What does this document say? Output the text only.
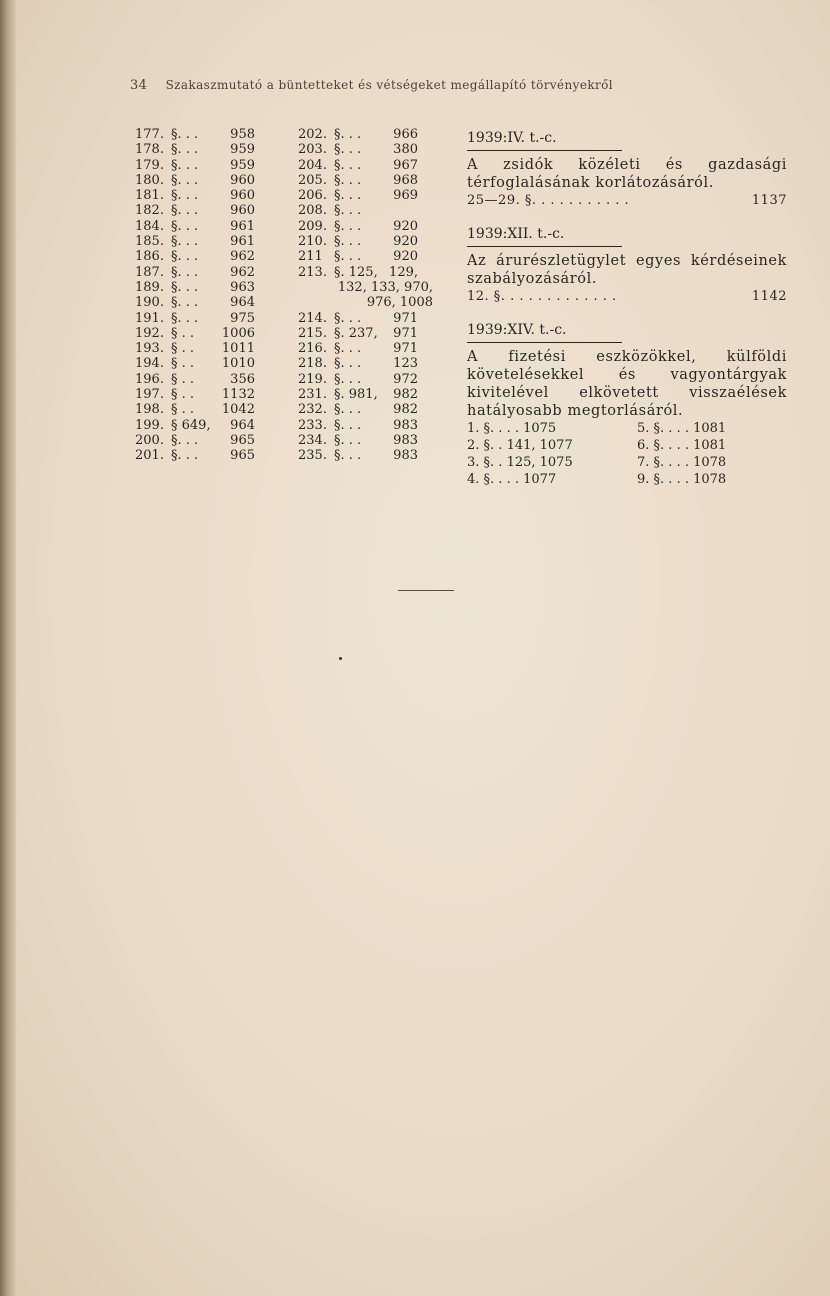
34 Szakaszmutató a büntetteket és vétségeket megállapító törvényekről
177. §. . .	958
178. §. . .	959
179. §. . .	959
180. §. . .	960
181. §. . .	960
182. §. . .	960
184. §. . .	961
185. §. . .	961
186. §. . .	962
187. §. . .	962
189. §. . .	963
190. §. . .	964
191. §. . .	975
192. § . .	1006
193. § . .	1011
194. § . .	1010
196. § . .	356
197. § . .	1132
198. § . .	1042
199. § 649,	964
200. §. . .	965
201. §. . .	965
202. §. . .	966
203. §. . .	380
204. §. . .	967
205. §. . .	968
206. §. . .	969
208. §. . .
209. §. . .	920
210. §. . .	920
211 §. . .	920
213. §. 125, 129,
132, 133, 970,
976, 1008
214. §. . .	971
215. §. 237,	971
216. §. . .	971
218. §. . .	123
219. §. . .	972
231. §. 981,	982
232. §. . .	982
233. §. . .	983
234. §. . .	983
235. §. . .	983
1939:IV. t.-c.
A zsidók közéleti és gazdasági térfoglalásának korlátozásáról.
25—29. §. . . . . . . . . . .	1137
1939:XII. t.-c.
Az árurészletügylet egyes kérdéseinek szabályozásáról.
12. §. . . . . . . . . . . . .	1142
1939:XIV. t.-c.
A fizetési eszközökkel, külföldi követelésekkel és vagyontárgyak kivitelével elkövetett visszaélések hatályosabb megtorlásáról.
1. §. . . . 1075	5. §. . . . 1081
2. §. . 141, 1077	6. §. . . . 1081
3. §. . 125, 1075	7. §. . . . 1078
4. §. . . . 1077	9. §. . . . 1078
